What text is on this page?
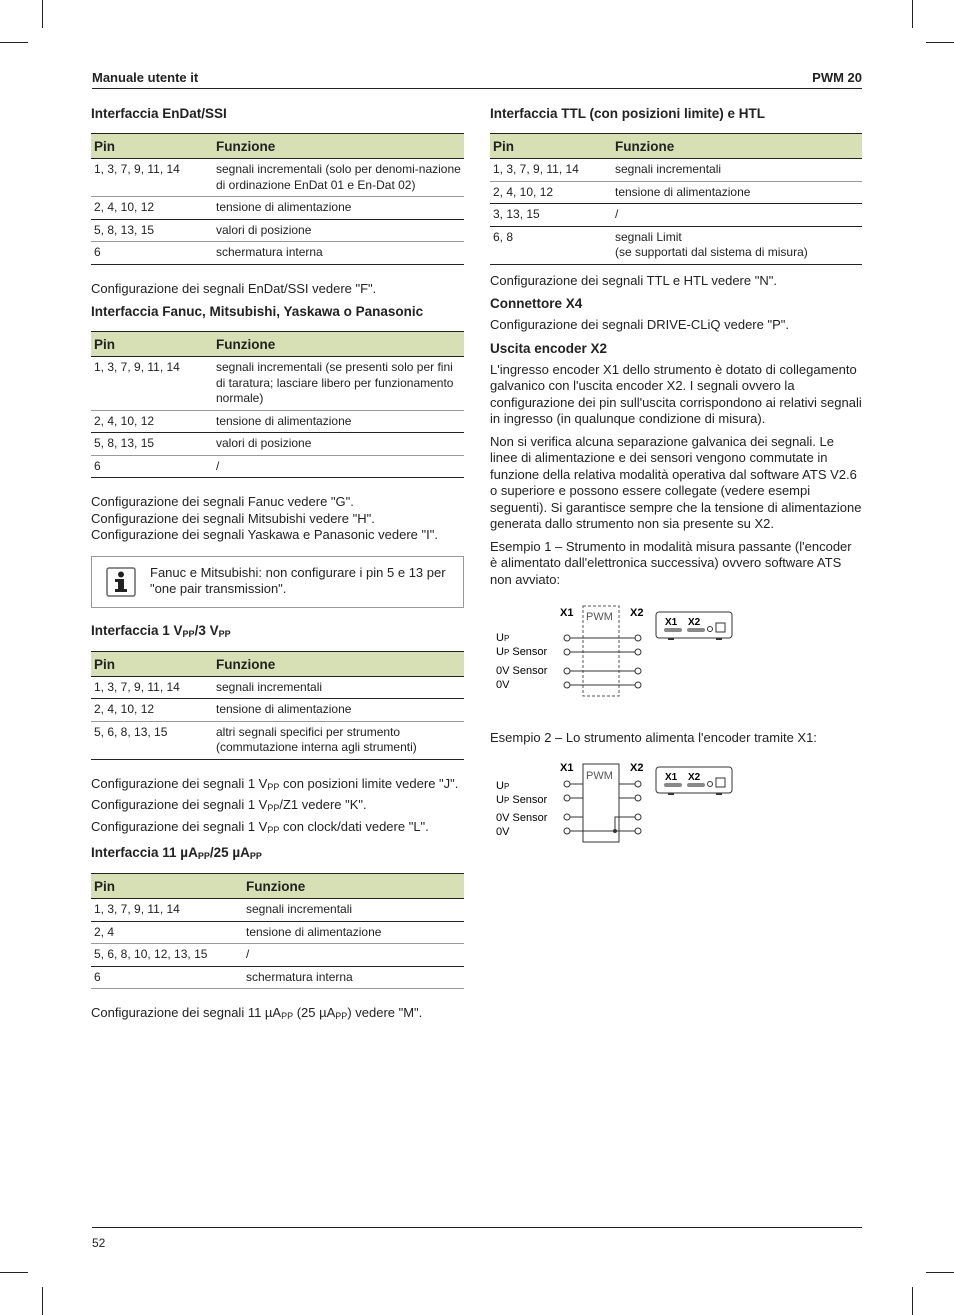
Manuale utente it	PWM 20
Interfaccia EnDat/SSI
Pin	Funzione
1, 3, 7, 9, 11, 14	segnali incrementali (solo per denomi-nazione di ordinazione EnDat 01 e En-Dat 02)
2, 4, 10, 12	tensione di alimentazione
5, 8, 13, 15	valori di posizione
6	schermatura interna

Configurazione dei segnali EnDat/SSI vedere "F".

Interfaccia Fanuc, Mitsubishi, Yaskawa o Panasonic
Pin	Funzione
1, 3, 7, 9, 11, 14	segnali incrementali (se presenti solo per fini di taratura; lasciare libero per funzionamento normale)
2, 4, 10, 12	tensione di alimentazione
5, 8, 13, 15	valori di posizione
6	/

Configurazione dei segnali Fanuc vedere "G".

Configurazione dei segnali Mitsubishi vedere "H".

Configurazione dei segnali Yaskawa e Panasonic vedere "I".

Fanuc e Mitsubishi: non configurare i pin 5 e 13 per "one pair transmission".
Interfaccia 1 $V_{PP}/3$ $V_{PP}$
Pin	Funzione
1, 3, 7, 9, 11, 14	segnali incrementali
2, 4, 10, 12	tensione di alimentazione
5, 6, 8, 13, 15	altri segnali specifici per strumento (commutazione interna agli strumenti)

Configurazione dei segnali 1 $V_{PP}$ con posizioni limite vedere "J".

Configurazione dei segnali 1 $V_{PP}/Z1$ vedere "K".

Configurazione dei segnali 1 $V_{PP}$ con clock/dati vedere "L".

Interfaccia 11 µA$_{PP}$/25 µA$_{PP}$
Pin	Funzione
1, 3, 7, 9, 11, 14	segnali incrementali
2, 4	tensione di alimentazione
5, 6, 8, 10, 12, 13, 15	/
6	schermatura interna

Configurazione dei segnali 11 µA$_{PP}$ (25 µA$_{PP}$) vedere "M".

Interfaccia TTL (con posizioni limite) e HTL
Pin	Funzione
1, 3, 7, 9, 11, 14	segnali incrementali
2, 4, 10, 12	tensione di alimentazione
3, 13, 15	/
6, 8	segnali Limit
(se supportati dal sistema di misura)

Configurazione dei segnali TTL e HTL vedere "N".

Connettore X4

Configurazione dei segnali DRIVE-CLiQ vedere "P".

Uscita encoder X2

L'ingresso encoder X1 dello strumento è dotato di collegamento galvanico con l'uscita encoder X2. I segnali ovvero la configurazione dei pin sull'uscita corrispondono ai relativi segnali in ingresso (in qualunque condizione di misura).

Non si verifica alcuna separazione galvanica dei segnali. Le linee di alimentazione e dei sensori vengono commutate in funzione della relativa modalità operativa dal software ATS V2.6 o superiore e possono essere collegate (vedere esempi seguenti). Si garantisce sempre che la tensione di alimentazione generata dallo strumento non sia presente su X2.

Esempio 1 – Strumento in modalità misura passante (l'encoder è alimentato dall'elettronica successiva) ovvero software ATS non avviato:

X1	X2
PWM
UP
UP Sensor
0V Sensor
0V
X1 X2

Esempio 2 – Lo strumento alimenta l'encoder tramite X1:

X1	X2
PWM
UP
UP Sensor
0V Sensor
0V
X1 X2
52
